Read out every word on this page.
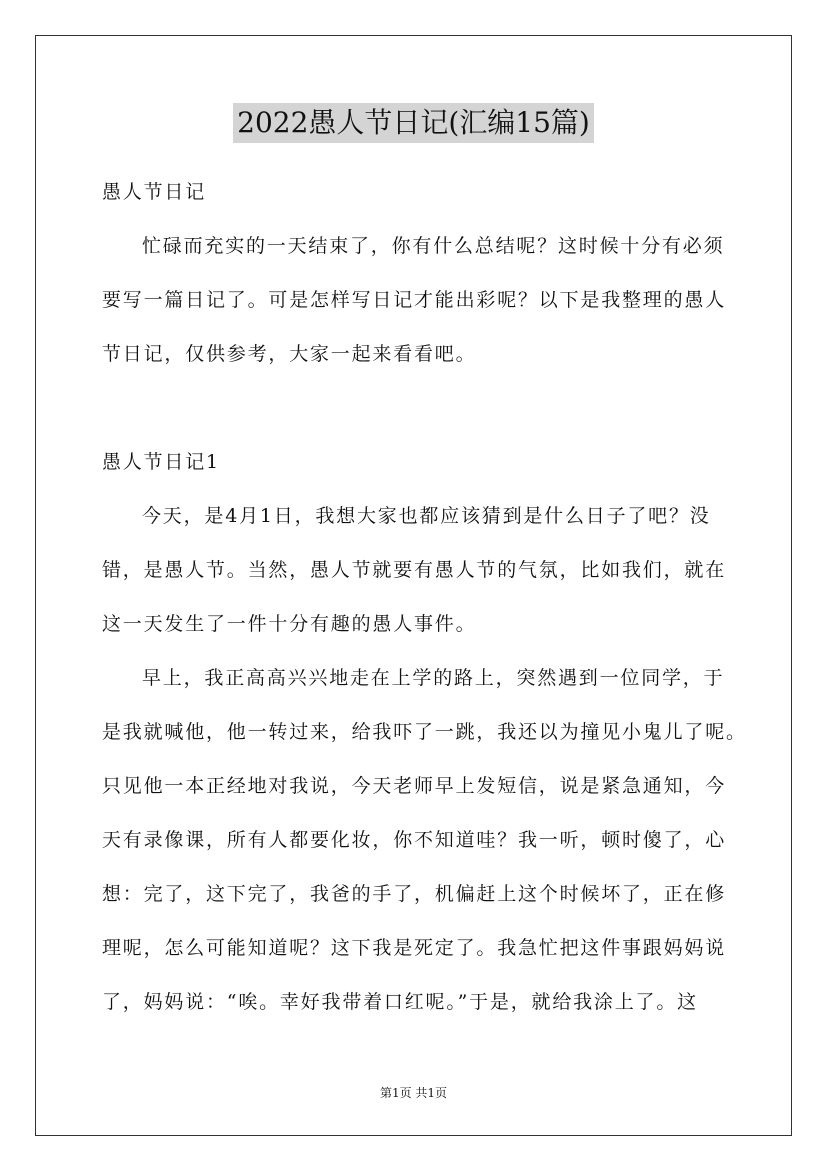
2022愚人节日记(汇编15篇)
愚人节日记
忙碌而充实的一天结束了，你有什么总结呢？这时候十分有必须
要写一篇日记了。可是怎样写日记才能出彩呢？以下是我整理的愚人
节日记，仅供参考，大家一起来看看吧。
愚人节日记1
今天，是4月1日，我想大家也都应该猜到是什么日子了吧？没
错，是愚人节。当然，愚人节就要有愚人节的气氛，比如我们，就在
这一天发生了一件十分有趣的愚人事件。
早上，我正高高兴兴地走在上学的路上，突然遇到一位同学，于
是我就喊他，他一转过来，给我吓了一跳，我还以为撞见小鬼儿了呢。
只见他一本正经地对我说，今天老师早上发短信，说是紧急通知，今
天有录像课，所有人都要化妆，你不知道哇？我一听，顿时傻了，心
想：完了，这下完了，我爸的手了，机偏赶上这个时候坏了，正在修
理呢，怎么可能知道呢？这下我是死定了。我急忙把这件事跟妈妈说
了，妈妈说：“唉。幸好我带着口红呢。”于是，就给我涂上了。这
第1页 共1页
